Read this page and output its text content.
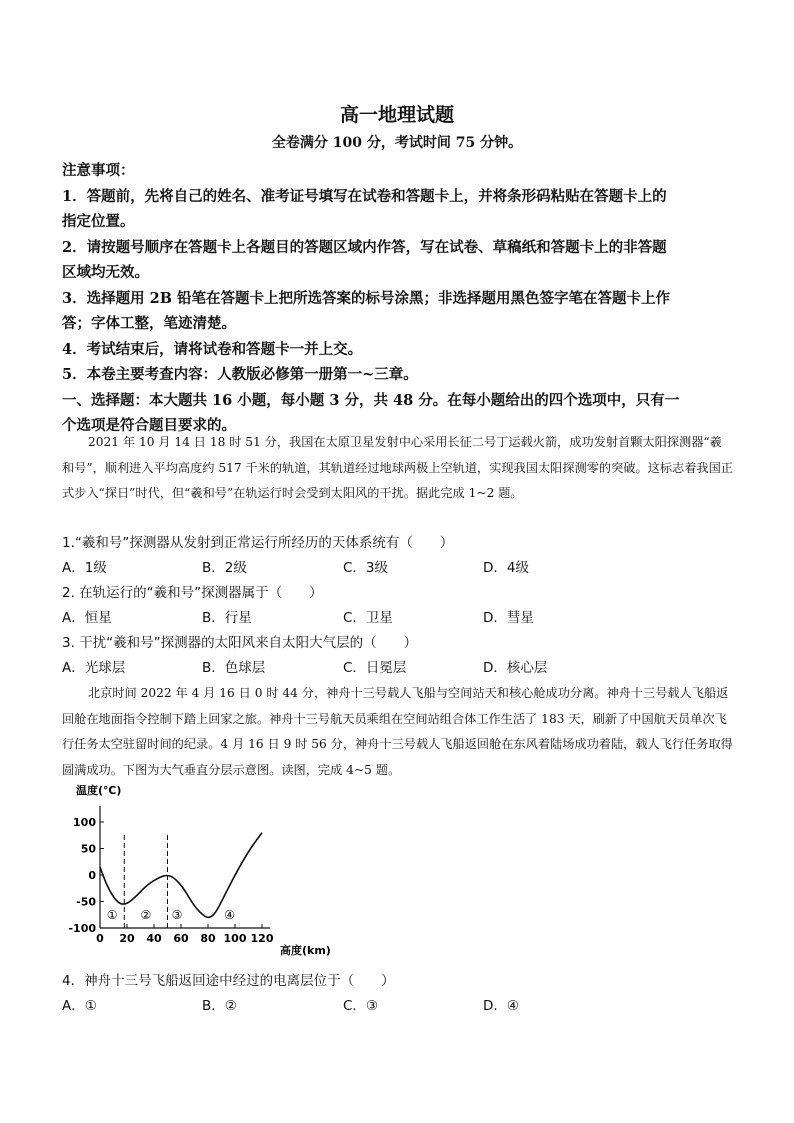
高一地理试题
全卷满分 100 分，考试时间 75 分钟。
注意事项：
1．答题前，先将自己的姓名、准考证号填写在试卷和答题卡上，并将条形码粘贴在答题卡上的
指定位置。
2．请按题号顺序在答题卡上各题目的答题区域内作答，写在试卷、草稿纸和答题卡上的非答题
区域均无效。
3．选择题用 2B 铅笔在答题卡上把所选答案的标号涂黑；非选择题用黑色签字笔在答题卡上作
答；字体工整，笔迹清楚。
4．考试结束后，请将试卷和答题卡一并上交。
5．本卷主要考查内容：人教版必修第一册第一~三章。
一、选择题：本大题共 16 小题，每小题 3 分，共 48 分。在每小题给出的四个选项中，只有一
个选项是符合题目要求的。
2021 年 10 月 14 日 18 时 51 分，我国在太原卫星发射中心采用长征二号丁运载火箭，成功发射首颗太阳探测器“羲和号”，顺利进入平均高度约 517 千米的轨道，其轨道经过地球两极上空轨道，实现我国太阳探测零的突破。这标志着我国正式步入“探日”时代，但“羲和号”在轨运行时会受到太阳风的干扰。据此完成 1~2 题。
1.“羲和号”探测器从发射到正常运行所经历的天体系统有（　　）
A．1级	B．2级	C．3级	D．4级
2. 在轨运行的“羲和号”探测器属于（　　）
A．恒星	B．行星	C．卫星	D．彗星
3. 干扰“羲和号”探测器的太阳风来自太阳大气层的（　　）
A．光球层	B．色球层	C．日冕层	D．核心层
北京时间 2022 年 4 月 16 日 0 时 44 分，神舟十三号载人飞船与空间站天和核心舱成功分离。神舟十三号载人飞船返回舱在地面指令控制下踏上回家之旅。神舟十三号航天员乘组在空间站组合体工作生活了 183 天，刷新了中国航天员单次飞行任务太空驻留时间的纪录。4 月 16 日 9 时 56 分，神舟十三号载人飞船返回舱在东风着陆场成功着陆，载人飞行任务取得圆满成功。下图为大气垂直分层示意图。读图，完成 4~5 题。
0 20 40 60 80 100 120
100
50
0
-50
-100
① ② ③	④
温度(℃)
高度(km)
4．神舟十三号飞船返回途中经过的电离层位于（　　）
A．①	B．②	C．③	D．④
